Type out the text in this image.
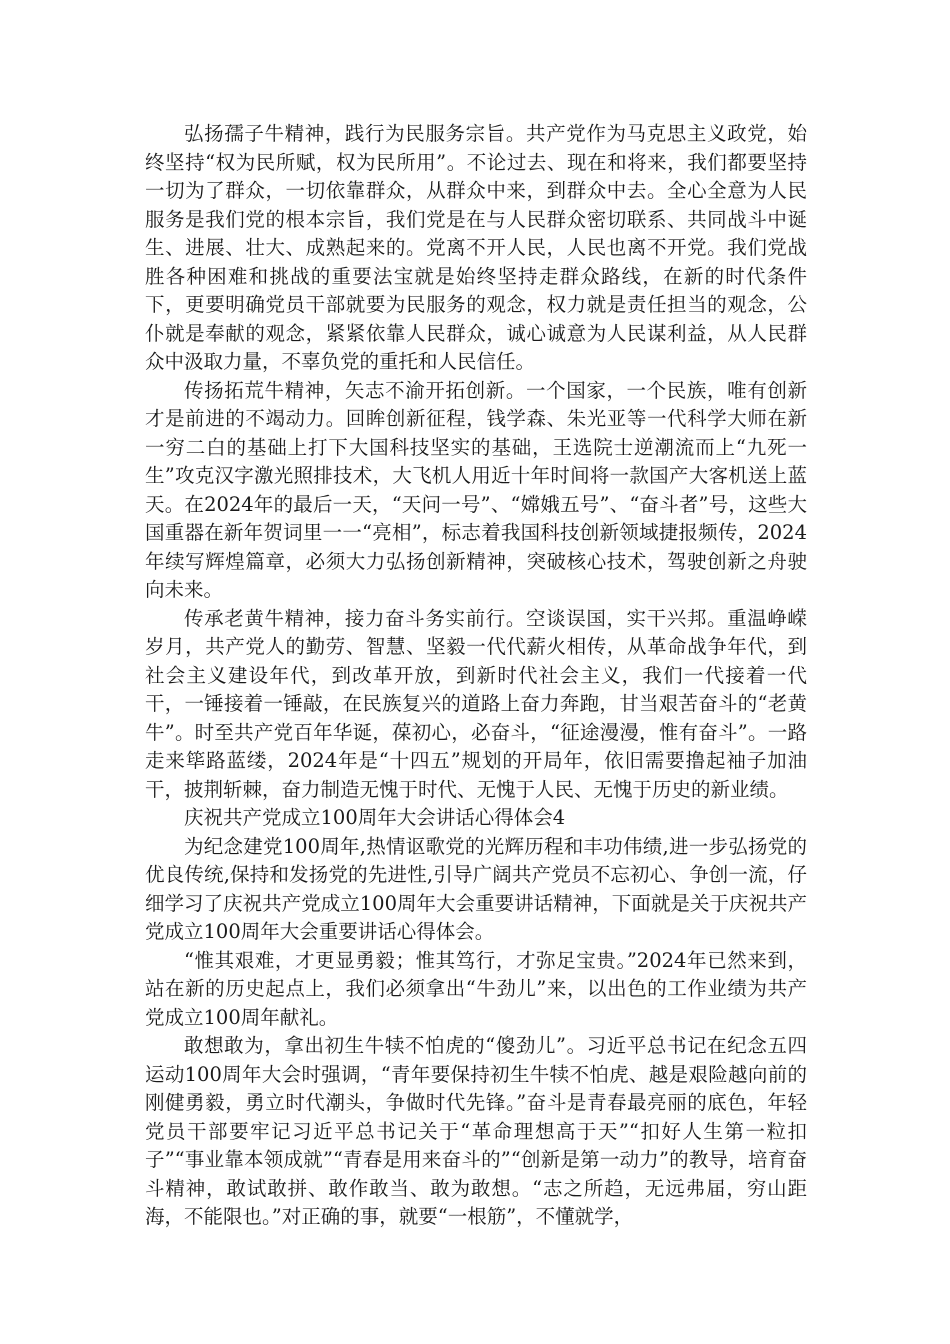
弘扬孺子牛精神，践行为民服务宗旨。共产党作为马克思主义政党，始终坚持“权为民所赋，权为民所用”。不论过去、现在和将来，我们都要坚持一切为了群众，一切依靠群众，从群众中来，到群众中去。全心全意为人民服务是我们党的根本宗旨，我们党是在与人民群众密切联系、共同战斗中诞生、进展、壮大、成熟起来的。党离不开人民，人民也离不开党。我们党战胜各种困难和挑战的重要法宝就是始终坚持走群众路线，在新的时代条件下，更要明确党员干部就要为民服务的观念，权力就是责任担当的观念，公仆就是奉献的观念，紧紧依靠人民群众，诚心诚意为人民谋利益，从人民群众中汲取力量，不辜负党的重托和人民信任。

传扬拓荒牛精神，矢志不渝开拓创新。一个国家，一个民族，唯有创新才是前进的不竭动力。回眸创新征程，钱学森、朱光亚等一代科学大师在新一穷二白的基础上打下大国科技坚实的基础，王选院士逆潮流而上“九死一生”攻克汉字激光照排技术，大飞机人用近十年时间将一款国产大客机送上蓝天。在2024年的最后一天，“天问一号”、“嫦娥五号”、“奋斗者”号，这些大国重器在新年贺词里一一“亮相”，标志着我国科技创新领域捷报频传，2024年续写辉煌篇章，必须大力弘扬创新精神，突破核心技术，驾驶创新之舟驶向未来。

传承老黄牛精神，接力奋斗务实前行。空谈误国，实干兴邦。重温峥嵘岁月，共产党人的勤劳、智慧、坚毅一代代薪火相传，从革命战争年代，到社会主义建设年代，到改革开放，到新时代社会主义，我们一代接着一代干，一锤接着一锤敲，在民族复兴的道路上奋力奔跑，甘当艰苦奋斗的“老黄牛”。时至共产党百年华诞，葆初心，必奋斗，“征途漫漫，惟有奋斗”。一路走来筚路蓝缕，2024年是“十四五”规划的开局年，依旧需要撸起袖子加油干，披荆斩棘，奋力制造无愧于时代、无愧于人民、无愧于历史的新业绩。

庆祝共产党成立100周年大会讲话心得体会4

为纪念建党100周年,热情讴歌党的光辉历程和丰功伟绩,进一步弘扬党的优良传统,保持和发扬党的先进性,引导广阔共产党员不忘初心、争创一流，仔细学习了庆祝共产党成立100周年大会重要讲话精神，下面就是关于庆祝共产党成立100周年大会重要讲话心得体会。

“惟其艰难，才更显勇毅；惟其笃行，才弥足宝贵。”2024年已然来到，站在新的历史起点上，我们必须拿出“牛劲儿”来，以出色的工作业绩为共产党成立100周年献礼。

敢想敢为，拿出初生牛犊不怕虎的“傻劲儿”。习近平总书记在纪念五四运动100周年大会时强调，“青年要保持初生牛犊不怕虎、越是艰险越向前的刚健勇毅，勇立时代潮头，争做时代先锋。”奋斗是青春最亮丽的底色，年轻党员干部要牢记习近平总书记关于“革命理想高于天”“扣好人生第一粒扣子”“事业靠本领成就”“青春是用来奋斗的”“创新是第一动力”的教导，培育奋斗精神，敢试敢拼、敢作敢当、敢为敢想。“志之所趋，无远弗届，穷山距海，不能限也。”对正确的事，就要“一根筋”，不懂就学，
